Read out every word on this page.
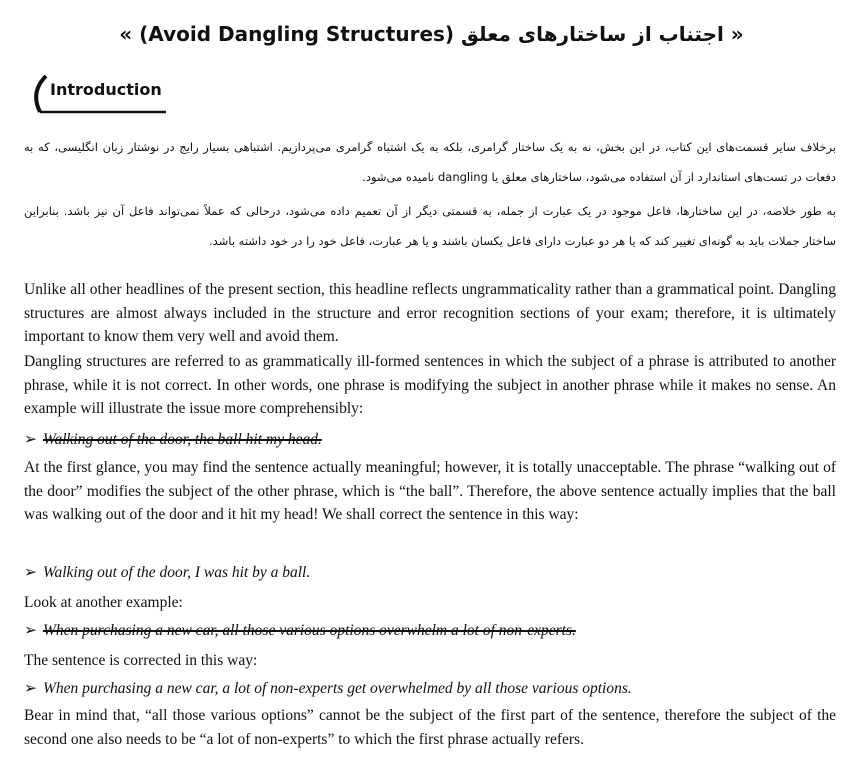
« اجتناب از ساختارهای معلق (Avoid Dangling Structures) »
Introduction
برخلاف سایر قسمت‌های این کتاب، در این بخش، نه به یک ساختار گرامری، بلکه به یک اشتباه گرامری می‌پردازیم. اشتباهی بسیار رایج در نوشتار زبان انگلیسی، که به دفعات در تست‌های استاندارد از آن استفاده می‌شود، ساختارهای معلق یا dangling نامیده می‌شود.
به طور خلاصه، در این ساختارها، فاعل موجود در یک عبارت از جمله، به قسمتی دیگر از آن تعمیم داده می‌شود، درحالی که عملاً نمی‌تواند فاعل آن نیز باشد. بنابراین ساختار جملات باید به گونه‌ای تغییر کند که یا هر دو عبارت دارای فاعل یکسان باشند و یا هر عبارت، فاعل خود را در خود داشته باشد.
Unlike all other headlines of the present section, this headline reflects ungrammaticality rather than a grammatical point. Dangling structures are almost always included in the structure and error recognition sections of your exam; therefore, it is ultimately important to know them very well and avoid them.
Dangling structures are referred to as grammatically ill-formed sentences in which the subject of a phrase is attributed to another phrase, while it is not correct. In other words, one phrase is modifying the subject in another phrase while it makes no sense. An example will illustrate the issue more comprehensibly:
➢ Walking out of the door, the ball hit my head.
At the first glance, you may find the sentence actually meaningful; however, it is totally unacceptable. The phrase “walking out of the door” modifies the subject of the other phrase, which is “the ball”. Therefore, the above sentence actually implies that the ball was walking out of the door and it hit my head! We shall correct the sentence in this way:
➢ Walking out of the door, I was hit by a ball.
Look at another example:
➢ When purchasing a new car, all those various options overwhelm a lot of non-experts.
The sentence is corrected in this way:
➢ When purchasing a new car, a lot of non-experts get overwhelmed by all those various options.
Bear in mind that, “all those various options” cannot be the subject of the first part of the sentence, therefore the subject of the second one also needs to be “a lot of non-experts” to which the first phrase actually refers.
